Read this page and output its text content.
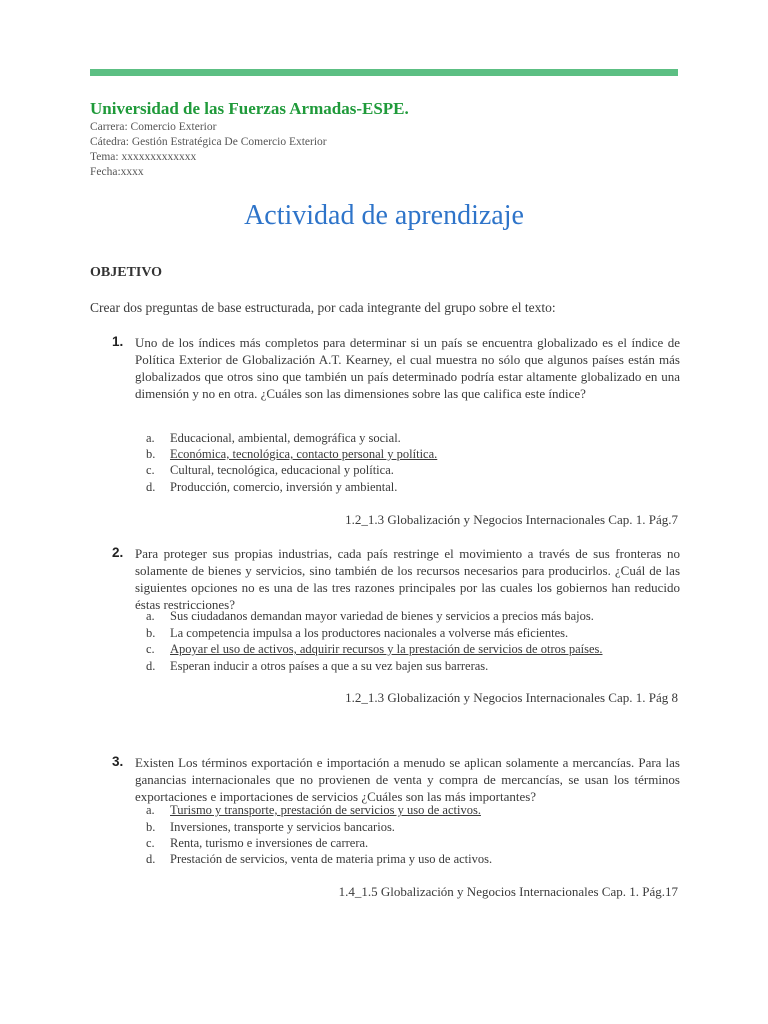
Universidad de las Fuerzas Armadas-ESPE.
Carrera: Comercio Exterior
Cátedra: Gestión Estratégica De Comercio Exterior
Tema: xxxxxxxxxxxxx
Fecha:xxxx
Actividad de aprendizaje
OBJETIVO
Crear dos preguntas de base estructurada, por cada integrante del grupo sobre el texto:
1. Uno de los índices más completos para determinar si un país se encuentra globalizado es el índice de Política Exterior de Globalización A.T. Kearney, el cual muestra no sólo que algunos países están más globalizados que otros sino que también un país determinado podría estar altamente globalizado en una dimensión y no en otra. ¿Cuáles son las dimensiones sobre las que califica este índice?
a. Educacional, ambiental, demográfica y social.
b. Económica, tecnológica, contacto personal y política.
c. Cultural, tecnológica, educacional y política.
d. Producción, comercio, inversión y ambiental.
1.2_1.3 Globalización y Negocios Internacionales Cap. 1. Pág.7
2. Para proteger sus propias industrias, cada país restringe el movimiento a través de sus fronteras no solamente de bienes y servicios, sino también de los recursos necesarios para producirlos. ¿Cuál de las siguientes opciones no es una de las tres razones principales por las cuales los gobiernos han reducido éstas restricciones?
a. Sus ciudadanos demandan mayor variedad de bienes y servicios a precios más bajos.
b. La competencia impulsa a los productores nacionales a volverse más eficientes.
c. Apoyar el uso de activos, adquirir recursos y la prestación de servicios de otros países.
d. Esperan inducir a otros países a que a su vez bajen sus barreras.
1.2_1.3 Globalización y Negocios Internacionales Cap. 1. Pág 8
3. Existen Los términos exportación e importación a menudo se aplican solamente a mercancías. Para las ganancias internacionales que no provienen de venta y compra de mercancías, se usan los términos exportaciones e importaciones de servicios ¿Cuáles son las más importantes?
a. Turismo y transporte, prestación de servicios y uso de activos.
b. Inversiones, transporte y servicios bancarios.
c. Renta, turismo e inversiones de carrera.
d. Prestación de servicios, venta de materia prima y uso de activos.
1.4_1.5 Globalización y Negocios Internacionales Cap. 1. Pág.17
